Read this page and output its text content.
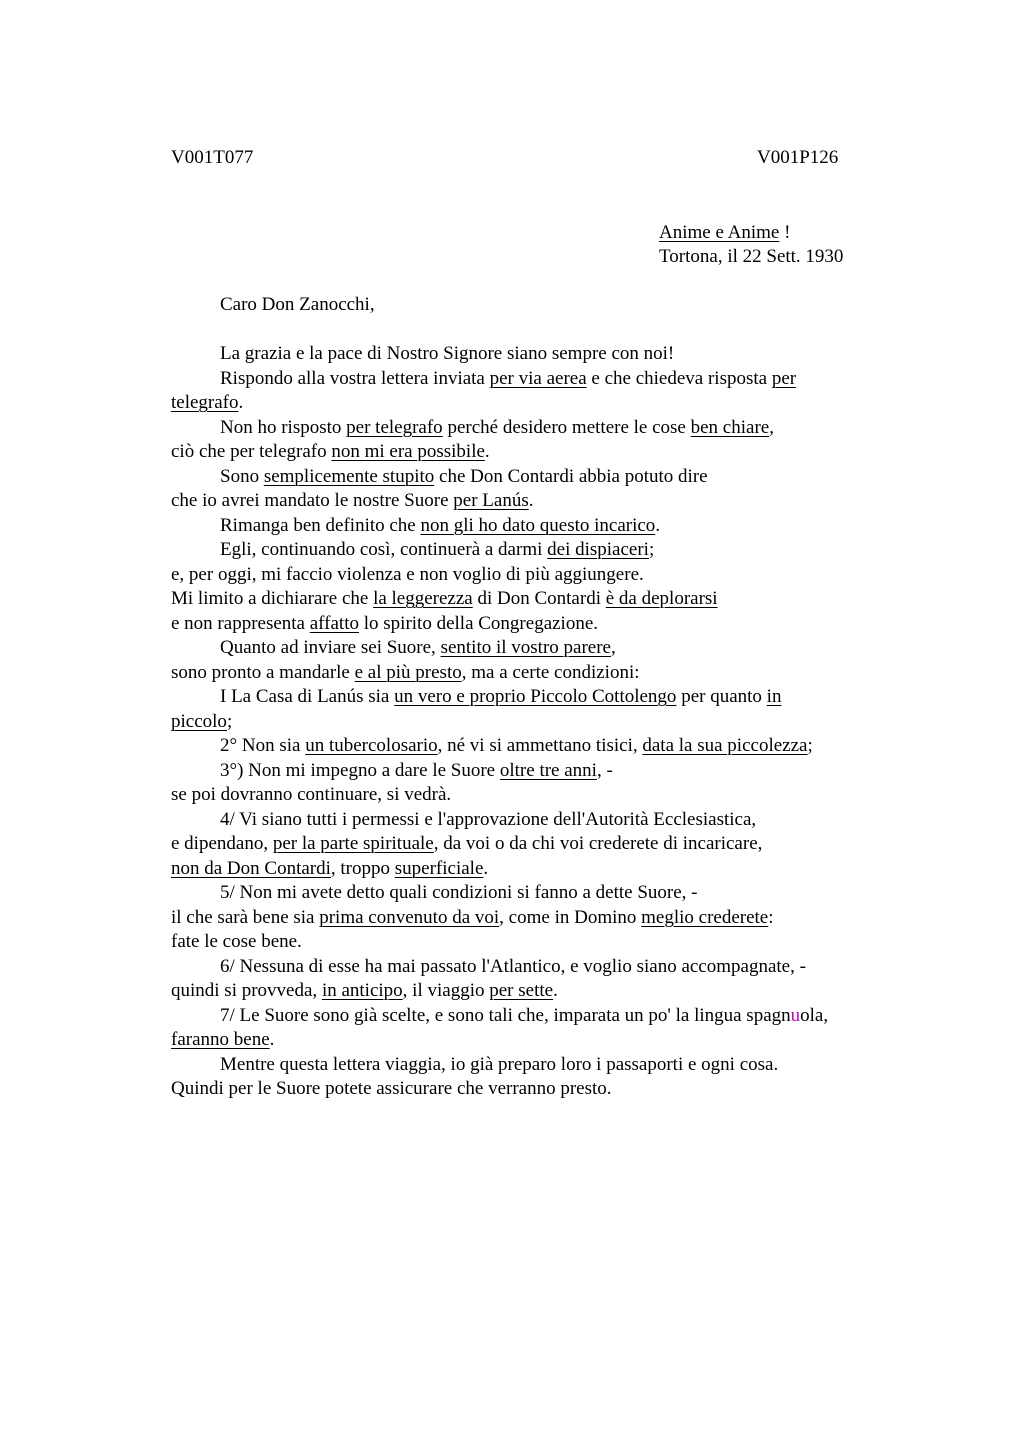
V001T077	V001P126
Anime e Anime !
Tortona, il 22 Sett. 1930
Caro Don Zanocchi,
La grazia e la pace di Nostro Signore siano sempre con noi!
Rispondo alla vostra lettera inviata per via aerea e che chiedeva risposta per
telegrafo.
Non ho risposto per telegrafo perché desidero mettere le cose ben chiare,
ciò che per telegrafo non mi era possibile.
Sono semplicemente stupito che Don Contardi abbia potuto dire
che io avrei mandato le nostre Suore per Lanús.
Rimanga ben definito che non gli ho dato questo incarico.
Egli, continuando così, continuerà a darmi dei dispiaceri;
e, per oggi, mi faccio violenza e non voglio di più aggiungere.
Mi limito a dichiarare che la leggerezza di Don Contardi è da deplorarsi
e non rappresenta affatto lo spirito della Congregazione.
Quanto ad inviare sei Suore, sentito il vostro parere,
sono pronto a mandarle e al più presto, ma a certe condizioni:
I La Casa di Lanús sia un vero e proprio Piccolo Cottolengo per quanto in
piccolo;
2° Non sia un tubercolosario, né vi si ammettano tisici, data la sua piccolezza;
3°) Non mi impegno a dare le Suore oltre tre anni, -
se poi dovranno continuare, si vedrà.
4/ Vi siano tutti i permessi e l'approvazione dell'Autorità Ecclesiastica,
e dipendano, per la parte spirituale, da voi o da chi voi crederete di incaricare,
non da Don Contardi, troppo superficiale.
5/ Non mi avete detto quali condizioni si fanno a dette Suore, -
il che sarà bene sia prima convenuto da voi, come in Domino meglio crederete:
fate le cose bene.
6/ Nessuna di esse ha mai passato l'Atlantico, e voglio siano accompagnate, -
quindi si provveda, in anticipo, il viaggio per sette.
7/ Le Suore sono già scelte, e sono tali che, imparata un po' la lingua spagnuola,
faranno bene.
Mentre questa lettera viaggia, io già preparo loro i passaporti e ogni cosa.
Quindi per le Suore potete assicurare che verranno presto.
